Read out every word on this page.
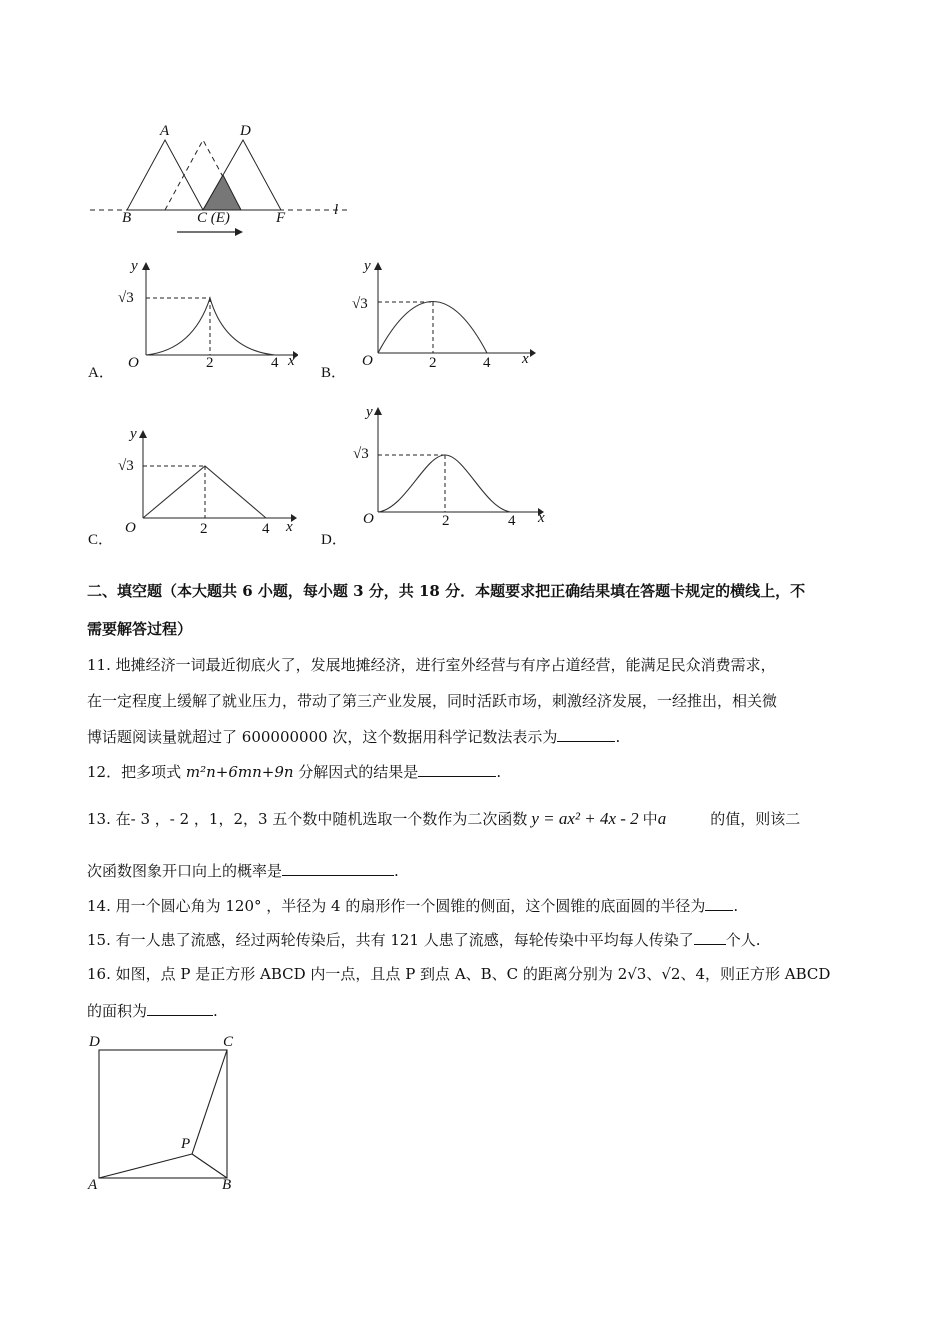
A	D
B	C (E)	F	l
y
√3
O	2	4 x
A．
y
√3
O	2	4 x
B．
y
√3
O	2	4 x
C．
y
√3
O	2	4 x
D．
二、填空题（本大题共 6 小题，每小题 3 分，共 18 分．本题要求把正确结果填在答题卡规定的横线上，不
需要解答过程）
11. 地摊经济一词最近彻底火了，发展地摊经济，进行室外经营与有序占道经营，能满足民众消费需求，
在一定程度上缓解了就业压力，带动了第三产业发展，同时活跃市场，刺激经济发展，一经推出，相关微
博话题阅读量就超过了 600000000 次，这个数据用科学记数法表示为	.
12．把多项式 m²n+6mn+9n 分解因式的结果是	.
13. 在- 3 ，- 2 ，1，2，3 五个数中随机选取一个数作为二次函数 y = ax² + 4x - 2 中a	的值，则该二
次函数图象开口向上的概率是	.
14. 用一个圆心角为 120° ，半径为 4 的扇形作一个圆锥的侧面，这个圆锥的底面圆的半径为 .
15. 有一人患了流感，经过两轮传染后，共有 121 人患了流感，每轮传染中平均每人传染了 个人.
16. 如图，点 P 是正方形 ABCD 内一点，且点 P 到点 A、B、C 的距离分别为 2√3、√2、4，则正方形 ABCD
的面积为	.
D	C
P
A	B
